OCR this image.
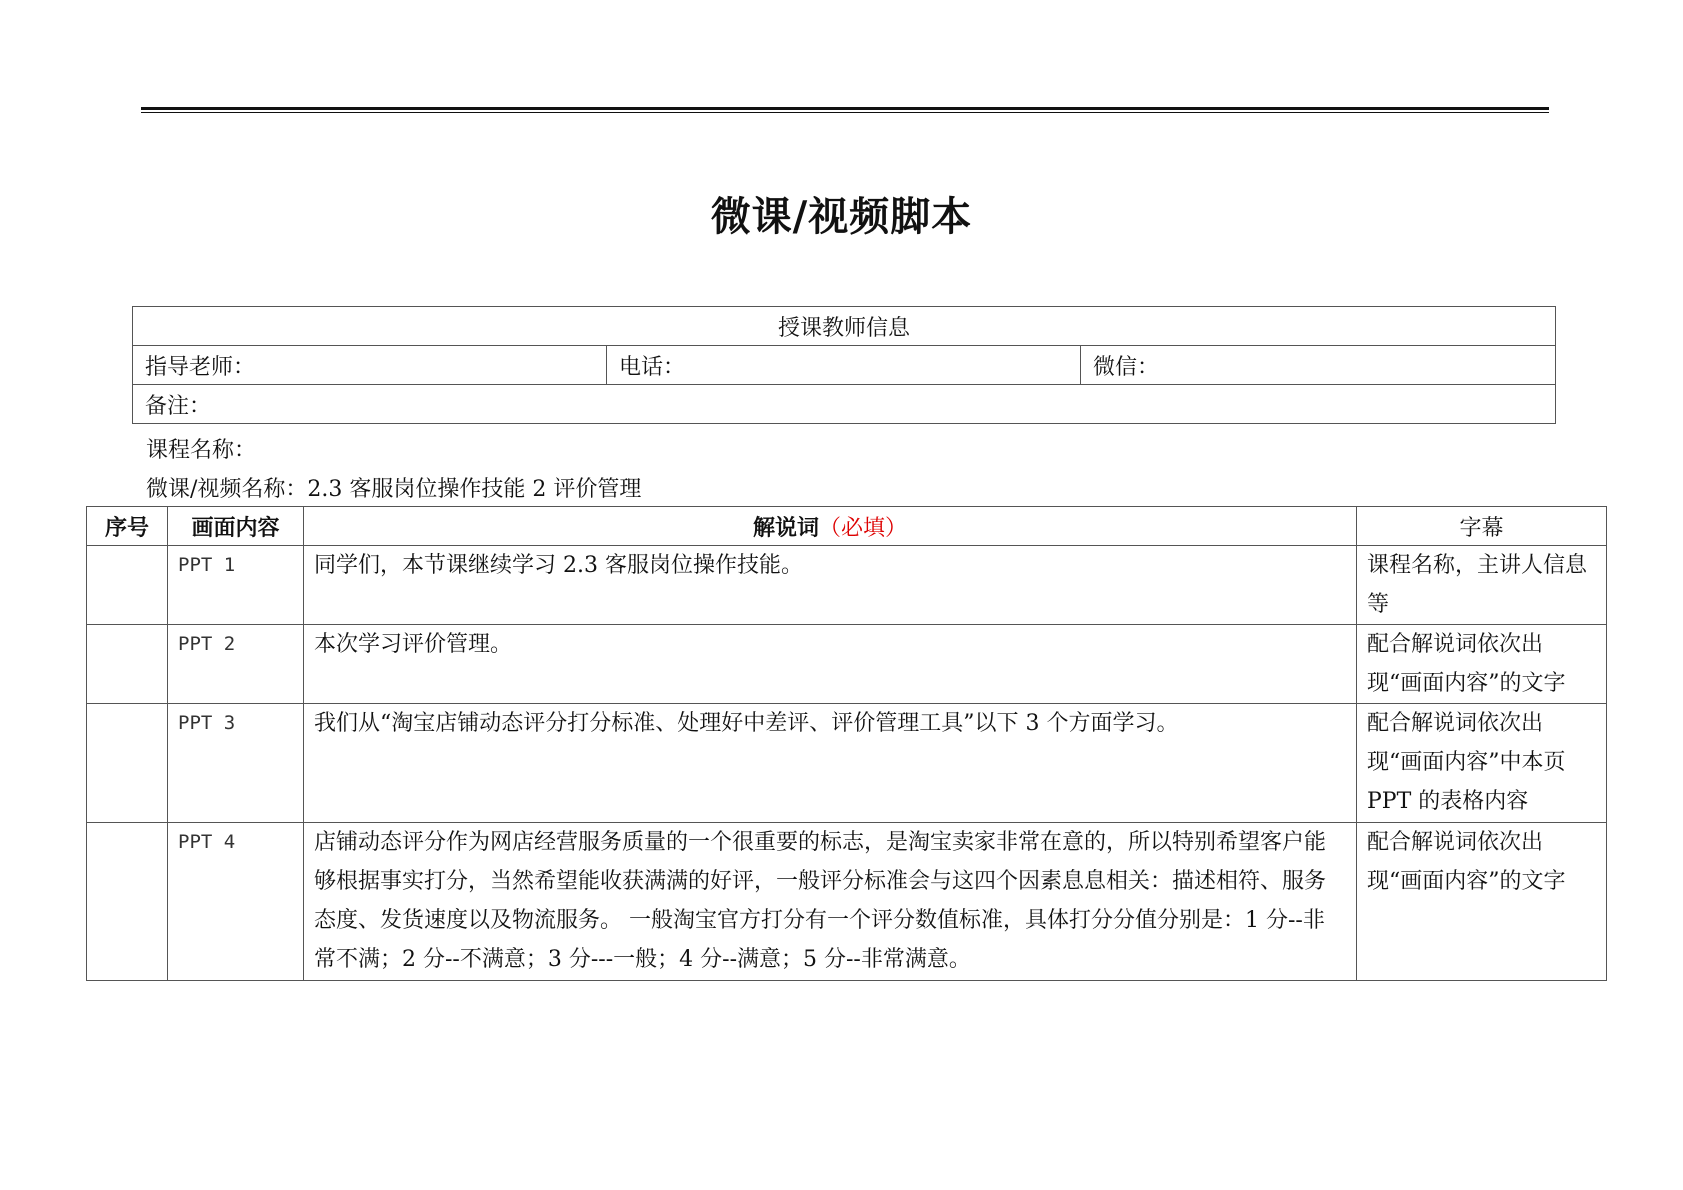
微课/视频脚本
授课教师信息
指导老师：	电话：	微信：
备注：
课程名称：
微课/视频名称：2.3 客服岗位操作技能 2 评价管理
序号	画面内容	解说词（必填）	字幕
	PPT 1	同学们，本节课继续学习 2.3 客服岗位操作技能。	课程名称，主讲人信息等
	PPT 2	本次学习评价管理。	配合解说词依次出现“画面内容”的文字
	PPT 3	我们从“淘宝店铺动态评分打分标准、处理好中差评、评价管理工具”以下 3 个方面学习。	配合解说词依次出现“画面内容”中本页 PPT 的表格内容
	PPT 4	店铺动态评分作为网店经营服务质量的一个很重要的标志，是淘宝卖家非常在意的，所以特别希望客户能够根据事实打分，当然希望能收获满满的好评，一般评分标准会与这四个因素息息相关：描述相符、服务态度、发货速度以及物流服务。 一般淘宝官方打分有一个评分数值标准，具体打分分值分别是：1 分--非常不满；2 分--不满意；3 分---一般；4 分--满意；5 分--非常满意。	配合解说词依次出现“画面内容”的文字
